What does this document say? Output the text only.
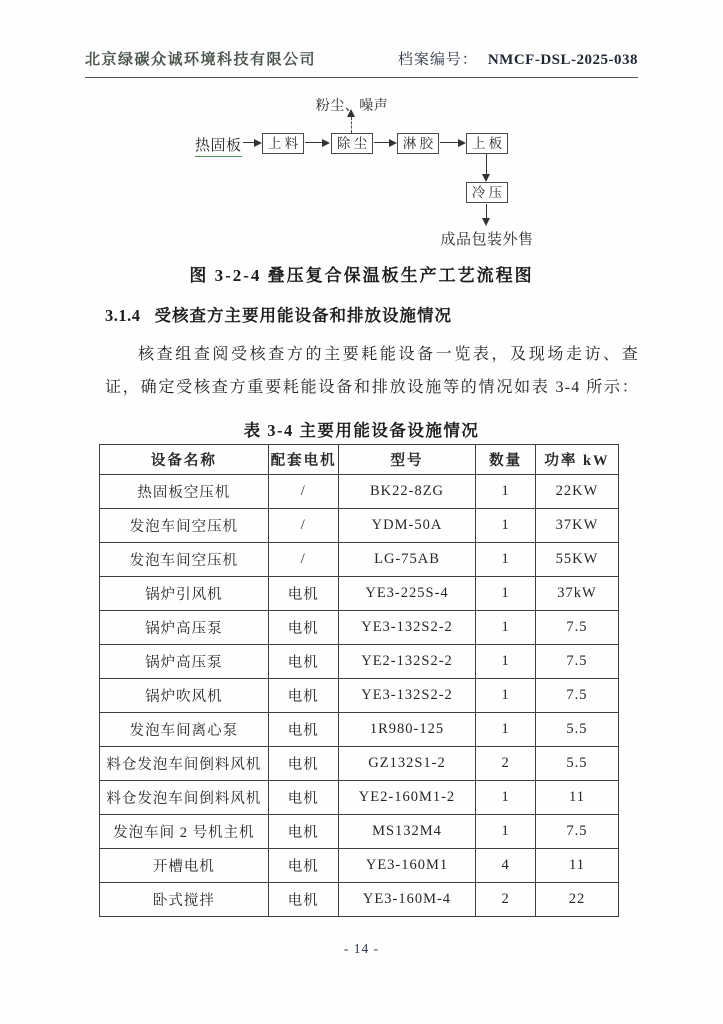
北京绿碳众诚环境科技有限公司	档案编号： NMCF-DSL-2025-038
热固板	上 料	除 尘
粉尘、噪声
淋 胶	上 板
冷 压
成品包装外售
图 3-2-4 叠压复合保温板生产工艺流程图
3.1.4 受核查方主要用能设备和排放设施情况
核查组查阅受核查方的主要耗能设备一览表，及现场走访、查
证，确定受核查方重要耗能设备和排放设施等的情况如表 3-4 所示：
表 3-4 主要用能设备设施情况
设备名称	配套电机	型号	数量	功率 kW
热固板空压机	/	BK22-8ZG	1	22KW
发泡车间空压机	/	YDM-50A	1	37KW
发泡车间空压机	/	LG-75AB	1	55KW
锅炉引风机	电机	YE3-225S-4	1	37kW
锅炉高压泵	电机	YE3-132S2-2	1	7.5
锅炉高压泵	电机	YE2-132S2-2	1	7.5
锅炉吹风机	电机	YE3-132S2-2	1	7.5
发泡车间离心泵	电机	1R980-125	1	5.5
料仓发泡车间倒料风机	电机	GZ132S1-2	2	5.5
料仓发泡车间倒料风机	电机	YE2-160M1-2	1	11
发泡车间 2 号机主机	电机	MS132M4	1	7.5
开槽电机	电机	YE3-160M1	4	11
卧式搅拌	电机	YE3-160M-4	2	22
- 14 -
